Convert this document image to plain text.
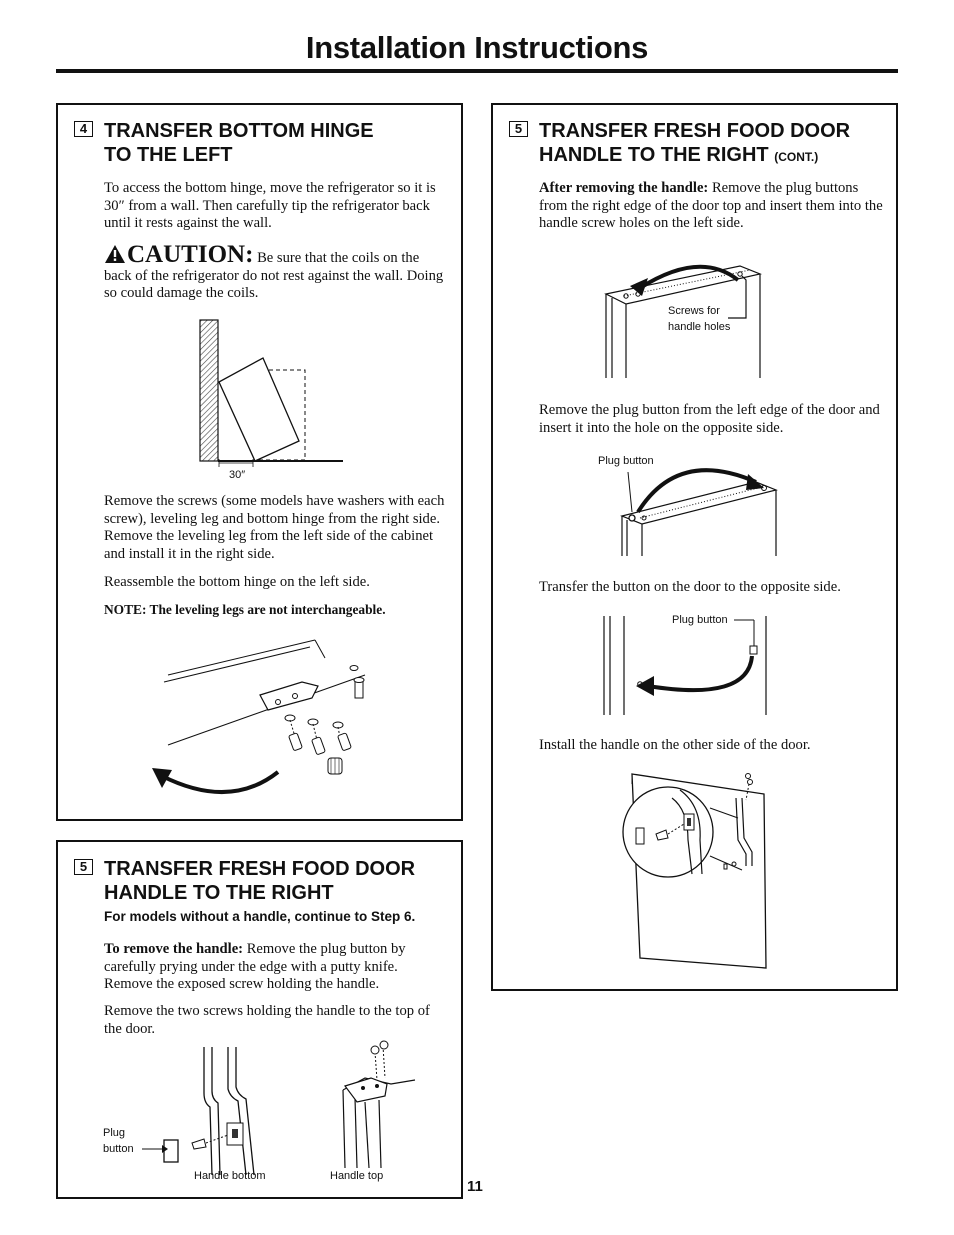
Installation Instructions
4 TRANSFER BOTTOM HINGE
TO THE LEFT
To access the bottom hinge, move the refrigerator so it is 30″ from a wall. Then carefully tip the refrigerator back until it rests against the wall.
CAUTION: Be sure that the coils on the back of the refrigerator do not rest against the wall. Doing so could damage the coils.
30″
Remove the screws (some models have washers with each screw), leveling leg and bottom hinge from the right side. Remove the leveling leg from the left side of the cabinet and install it in the right side.
Reassemble the bottom hinge on the left side.
NOTE: The leveling legs are not interchangeable.
5 TRANSFER FRESH FOOD DOOR
HANDLE TO THE RIGHT
For models without a handle, continue to Step 6.
To remove the handle: Remove the plug button by carefully prying under the edge with a putty knife. Remove the exposed screw holding the handle.
Remove the two screws holding the handle to the top of the door.
Plug
button
Handle bottom	Handle top
5 TRANSFER FRESH FOOD DOOR
HANDLE TO THE RIGHT (CONT.)
After removing the handle: Remove the plug buttons from the right edge of the door top and insert them into the handle screw holes on the left side.
Screws for
handle holes
Remove the plug button from the left edge of the door and insert it into the hole on the opposite side.
Plug button
Transfer the button on the door to the opposite side.
Plug button
Install the handle on the other side of the door.
11
